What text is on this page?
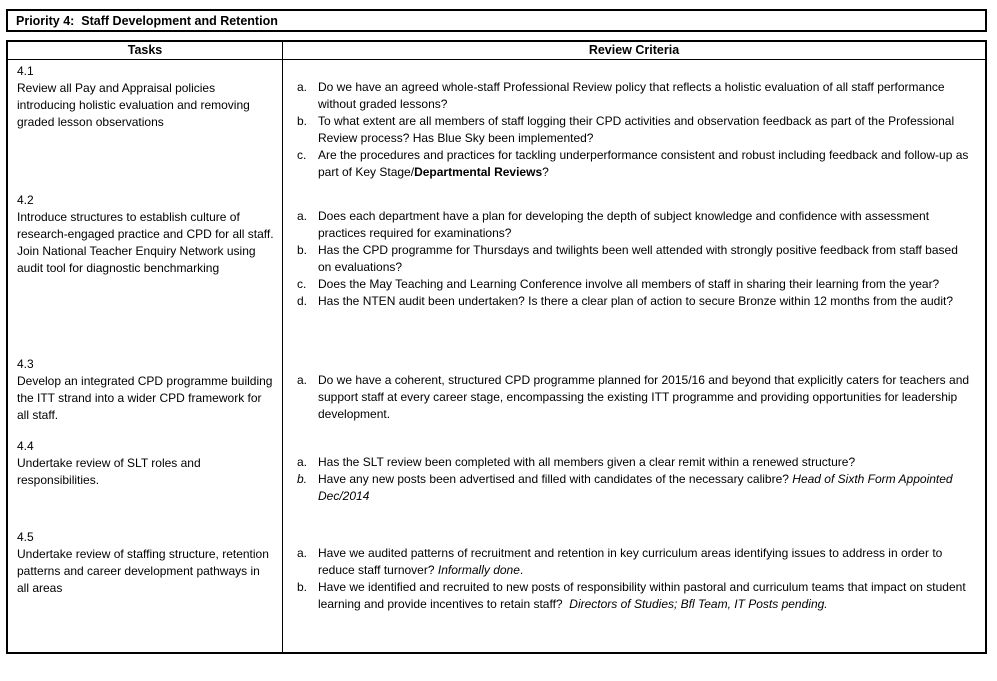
Priority 4:  Staff Development and Retention
Tasks	Review Criteria
4.1
Review all Pay and Appraisal policies introducing holistic evaluation and removing graded lesson observations
a. Do we have an agreed whole-staff Professional Review policy that reflects a holistic evaluation of all staff performance without graded lessons?
b. To what extent are all members of staff logging their CPD activities and observation feedback as part of the Professional Review process? Has Blue Sky been implemented?
c. Are the procedures and practices for tackling underperformance consistent and robust including feedback and follow-up as part of Key Stage/Departmental Reviews?
4.2
Introduce structures to establish culture of research-engaged practice and CPD for all staff.  Join National Teacher Enquiry Network using audit tool for diagnostic benchmarking
a. Does each department have a plan for developing the depth of subject knowledge and confidence with assessment practices required for examinations?
b. Has the CPD programme for Thursdays and twilights been well attended with strongly positive feedback from staff based on evaluations?
c. Does the May Teaching and Learning Conference involve all members of staff in sharing their learning from the year?
d. Has the NTEN audit been undertaken? Is there a clear plan of action to secure Bronze within 12 months from the audit?
4.3
Develop an integrated CPD programme building the ITT strand into a wider CPD framework for all staff.
a. Do we have a coherent, structured CPD programme planned for 2015/16 and beyond that explicitly caters for teachers and support staff at every career stage, encompassing the existing ITT programme and providing opportunities for leadership development.
4.4
Undertake review of SLT roles and responsibilities.
a. Has the SLT review been completed with all members given a clear remit within a renewed structure?
b. Have any new posts been advertised and filled with candidates of the necessary calibre? Head of Sixth Form Appointed Dec/2014
4.5
Undertake review of staffing structure, retention patterns and career development pathways in all areas
a. Have we audited patterns of recruitment and retention in key curriculum areas identifying issues to address in order to reduce staff turnover? Informally done.
b. Have we identified and recruited to new posts of responsibility within pastoral and curriculum teams that impact on student learning and provide incentives to retain staff?  Directors of Studies; Bfl Team, IT Posts pending.
